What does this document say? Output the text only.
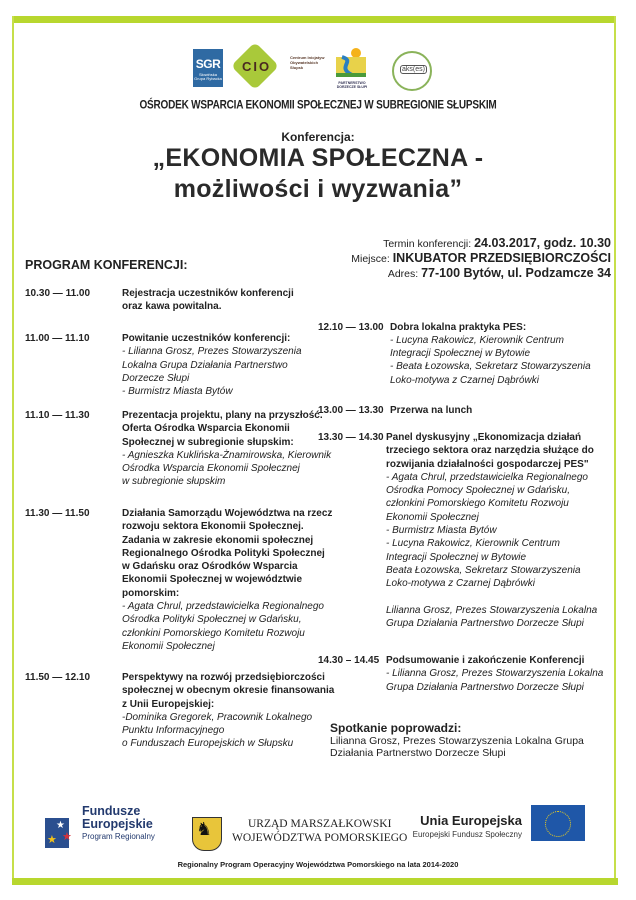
SGR
Słowińska Grupa Rybacka
CIO
Centrum Inicjatyw Obywatelskich Słupsk
PARTNERSTWO DORZECZE SŁUPI
aks(es)
OŚRODEK WSPARCIA EKONOMII SPOŁECZNEJ W SUBREGIONIE SŁUPSKIM
Konferencja:
„EKONOMIA SPOŁECZNA -
możliwości i wyzwania”
Termin konferencji: 24.03.2017, godz. 10.30
Miejsce: INKUBATOR PRZEDSIĘBIORCZOŚCI
Adres: 77-100 Bytów, ul. Podzamcze 34
PROGRAM KONFERENCJI:
10.30 — 11.00	Rejestracja uczestników konferencji
oraz kawa powitalna.
11.00 — 11.10	Powitanie uczestników konferencji:
- Lilianna Grosz, Prezes Stowarzyszenia
Lokalna Grupa Działania Partnerstwo
Dorzecze Słupi
- Burmistrz Miasta Bytów
11.10 — 11.30	Prezentacja projektu, plany na przyszłość.
Oferta Ośrodka Wsparcia Ekonomii
Społecznej w subregionie słupskim:
- Agnieszka Kuklińska-Żnamirowska, Kierownik
Ośrodka Wsparcia Ekonomii Społecznej
w subregionie słupskim
11.30 — 11.50	Działania Samorządu Województwa na rzecz
rozwoju sektora Ekonomii Społecznej.
Zadania w zakresie ekonomii społecznej
Regionalnego Ośrodka Polityki Społecznej
w Gdańsku oraz Ośrodków Wsparcia
Ekonomii Społecznej w województwie
pomorskim:
- Agata Chrul, przedstawicielka Regionalnego
Ośrodka Polityki Społecznej w Gdańsku,
członkini Pomorskiego Komitetu Rozwoju
Ekonomii Społecznej
11.50 — 12.10	Perspektywy na rozwój przedsiębiorczości
społecznej w obecnym okresie finansowania
z Unii Europejskiej:
-Dominika Gregorek, Pracownik Lokalnego
Punktu Informacyjnego
o Funduszach Europejskich w Słupsku
12.10 — 13.00 Dobra lokalna praktyka PES:
- Lucyna Rakowicz, Kierownik Centrum
Integracji Społecznej w Bytowie
- Beata Łozowska, Sekretarz Stowarzyszenia
Loko-motywa z Czarnej Dąbrówki
13.00 — 13.30 Przerwa na lunch
13.30 — 14.30 Panel dyskusyjny „Ekonomizacja działań
trzeciego sektora oraz narzędzia służące do
rozwijania działalności gospodarczej PES"
- Agata Chrul, przedstawicielka Regionalnego
Ośrodka Pomocy Społecznej w Gdańsku,
członkini Pomorskiego Komitetu Rozwoju
Ekonomii Społecznej
- Burmistrz Miasta Bytów
- Lucyna Rakowicz, Kierownik Centrum
Integracji Społecznej w Bytowie
Beata Łozowska, Sekretarz Stowarzyszenia
Loko-motywa z Czarnej Dąbrówki
Lilianna Grosz, Prezes Stowarzyszenia Lokalna
Grupa Działania Partnerstwo Dorzecze Słupi
14.30 – 14.45 Podsumowanie i zakończenie Konferencji
- Lilianna Grosz, Prezes Stowarzyszenia Lokalna
Grupa Działania Partnerstwo Dorzecze Słupi
Spotkanie poprowadzi:
Lilianna Grosz, Prezes Stowarzyszenia Lokalna Grupa
Działania Partnerstwo Dorzecze Słupi
★
★
★
Fundusze
Europejskie
Program Regionalny ♞	URZĄD MARSZAŁKOWSKI
WOJEWÓDZTWA POMORSKIEGO
Unia Europejska
Europejski Fundusz Społeczny
Regionalny Program Operacyjny Województwa Pomorskiego na lata 2014-2020
